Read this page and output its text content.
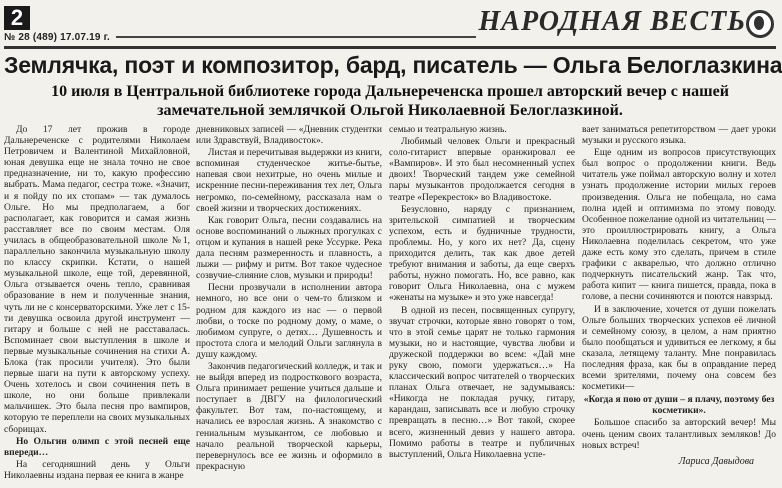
2
№ 28 (489) 17.07.19 г.
НАРОДНАЯ ВЕСТЬ
Землячка, поэт и композитор, бард, писатель — Ольга Белоглазкина
10 июля в Центральной библиотеке города Дальнереченска прошел авторский вечер с нашей замечательной землячкой Ольгой Николаевной Белоглазкиной.

До 17 лет прожив в городе Дальнереченске с родителями Николаем Петровичем и Валентиной Михайловной, юная девушка еще не знала точно не свое предназначение, ни то, какую профессию выбрать. Мама педагог, сестра тоже. «Значит, и я пойду по их стопам» — так думалось Ольге. Но мы предполагаем, а бог располагает, как говорится и самая жизнь расставляет все по своим местам. Оля училась в общеобразовательной школе №1, параллельно закончила музыкальную школу по классу скрипки. Кстати, о нашей музыкальной школе, еще той, деревянной, Ольга отзывается очень тепло, сравнивая образование в нем и полученные знания, чуть ли не с консерваторскими. Уже лет с 15-ти девушка освоила другой инструмент — гитару и больше с ней не расставалась. Вспоминает свои выступления в школе и первые музыкальные сочинения на стихи А. Блока (так просили учителя). Это были первые шаги на пути к авторскому успеху. Очень хотелось и свои сочинения петь в школе, но они больше привлекали мальчишек. Это была песня про вампиров, которую те переплели на своих музыкальных сборищах.

Но Ольгин олимп с этой песней еще впереди…

На сегодняшний день у Ольги Николаевны издана первая ее книга в жанре

дневниковых записей — «Дневник студентки или Здравствуй, Владивосток».

Листая и перечитывая выдержки из книги, вспоминая студенческое житье-бытье, напевая свои нехитрые, но очень милые и искренние песни-переживания тех лет, Ольга негромко, по-семейному, рассказала нам о своей жизни и творческих достижениях.

Как говорит Ольга, песни создавались на основе воспоминаний о лыжных прогулках с отцом и купания в нашей реке Уссурке. Река дала песням размеренность и плавность, а лыжи — рифму и ритм. Вот такое чудесное созвучие-слияние слов, музыки и природы!

Песни прозвучали в исполнении автора немного, но все они о чем-то близком и родном для каждого из нас — о первой любви, о тоске по родному дому, о маме, о любимом супруге, о детях… Душевность и простота слога и мелодий Ольги заглянула в душу каждому.

Закончив педагогический колледж, и так и не выйдя вперед из подросткового возраста, Ольга принимает решение учиться дальше и поступает в ДВГУ на филологический факультет. Вот там, по-настоящему, и начались ее взрослая жизнь. А знакомство с гениальным музыкантом, се любовью и начало реальной творческой карьеры, перевернулось все ее жизнь и оформило в прекрасную

семью и театральную жизнь.

Любимый человек Ольги и прекрасный соло-гитарист впервые оранжировал ее «Вампиров». И это был несомненный успех двоих! Творческий тандем уже семейной пары музыкантов продолжается сегодня в театре «Перекресток» во Владивостоке.

Безусловно, наряду с признанием, зрительской симпатией и творческим успехом, есть и будничные трудности, проблемы. Но, у кого их нет? Да, сцену приходится делить, так как двое детей требуют внимания и заботы, да еще сверхъ работы, нужно помогать. Но, все равно, как говорит Ольга Николаевна, она с мужем «женаты на музыке» и это уже навсегда!

В одной из песен, посвященных супругу, звучат строчки, которые явно говорят о том, что в этой семье царят не только гармония музыки, но и настоящие, чувства любви и дружеской поддержки во всем: «Дай мне руку свою, помоги удержаться…» На классический вопрос читателей о творческих планах Ольга отвечает, не задумываясь: «Никогда не покладая ручку, гитару, карандаш, записывать все и любую строчку превращать в песню…» Вот такой, скорее всего, жизненный девиз у нашего автора. Помимо работы в театре и публичных выступлений, Ольга Николаевна успе-

вает заниматься репетиторством — дает уроки музыки и русского языка.

Еще одним из вопросов присутствующих был вопрос о продолжении книги. Ведь читатель уже поймал авторскую волну и хотел узнать продолжение истории милых героев произведения. Ольга не побещала, но сама полна идей и оптимизма по этому поводу. Особенное пожелание одной из читательниц — это проиллюстрировать книгу, а Ольга Николаевна поделилась секретом, что уже даже есть кому это сделать, причем в стиле графики с акварелью, что должно отлично подчеркнуть писательский жанр. Так что, работа кипит — книга пишется, правда, пока в голове, а песни сочиняются и поются навзрыд.

И в заключение, хочется от души пожелать Ольге больших творческих успехов её личной и семейному союзу, в целом, а нам приятно было пообщаться и удивиться ее легкому, я бы сказала, летящему таланту. Мне понравилась последняя фраза, как бы в оправдание перед всеми зрителями, почему она совсем без косметики—

«Когда я пою от души – я плачу, поэтому без косметики».

Большое спасибо за авторский вечер! Мы очень ценим своих талантливых земляков! До новых встреч!

Лариса Давыдова
